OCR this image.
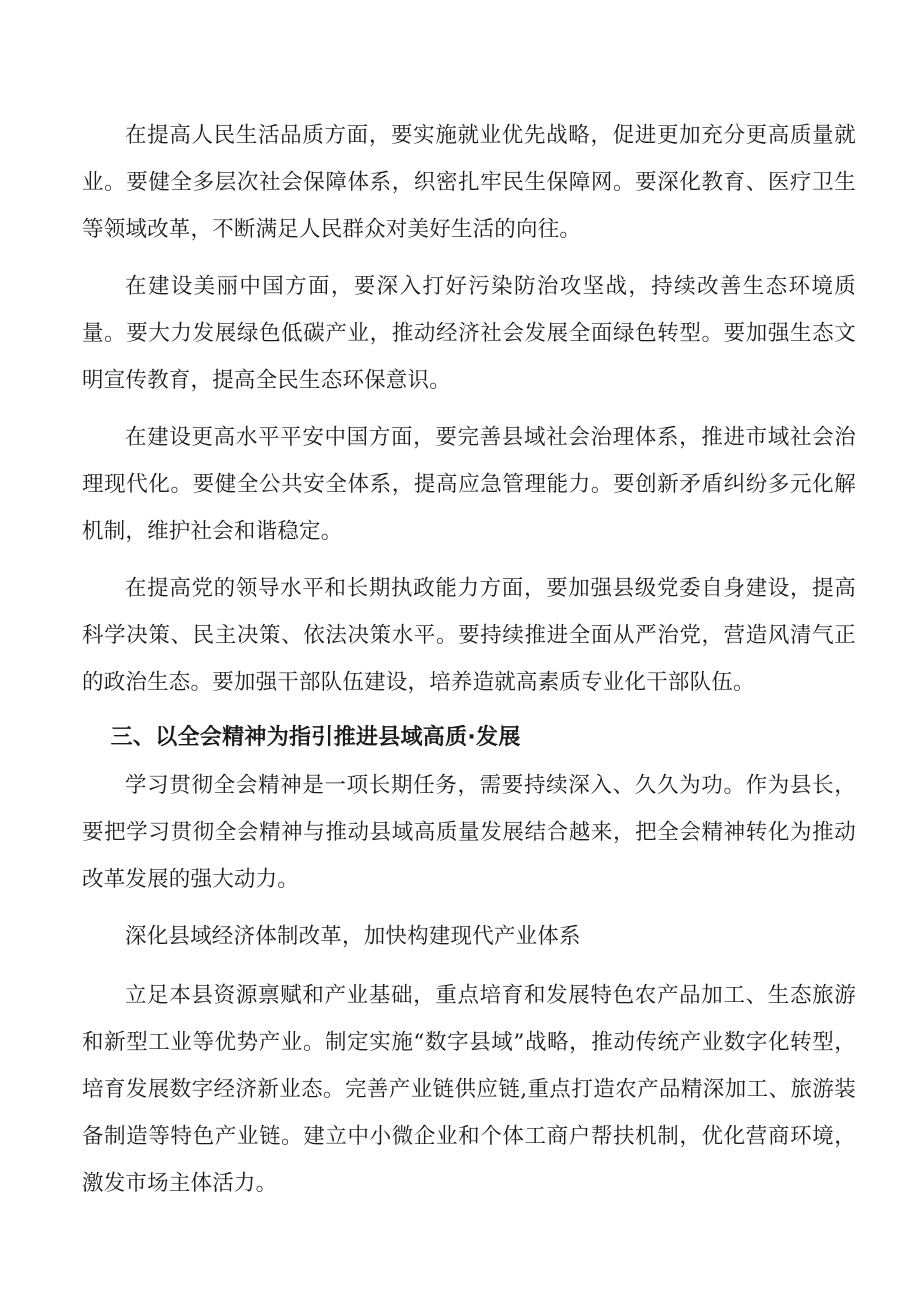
在提高人民生活品质方面，要实施就业优先战略，促进更加充分更高质量就业。要健全多层次社会保障体系，织密扎牢民生保障网。要深化教育、医疗卫生等领域改革，不断满足人民群众对美好生活的向往。

在建设美丽中国方面，要深入打好污染防治攻坚战，持续改善生态环境质量。要大力发展绿色低碳产业，推动经济社会发展全面绿色转型。要加强生态文明宣传教育，提高全民生态环保意识。

在建设更高水平平安中国方面，要完善县域社会治理体系，推进市域社会治理现代化。要健全公共安全体系，提高应急管理能力。要创新矛盾纠纷多元化解机制，维护社会和谐稳定。

在提高党的领导水平和长期执政能力方面，要加强县级党委自身建设，提高科学决策、民主决策、依法决策水平。要持续推进全面从严治党，营造风清气正的政治生态。要加强干部队伍建设，培养造就高素质专业化干部队伍。

三、以全会精神为指引推进县域高质·发展

学习贯彻全会精神是一项长期任务，需要持续深入、久久为功。作为县长，要把学习贯彻全会精神与推动县域高质量发展结合越来，把全会精神转化为推动改革发展的强大动力。

深化县域经济体制改革，加快构建现代产业体系

立足本县资源禀赋和产业基础，重点培育和发展特色农产品加工、生态旅游和新型工业等优势产业。制定实施“数字县域”战略，推动传统产业数字化转型，培育发展数字经济新业态。完善产业链供应链,重点打造农产品精深加工、旅游装备制造等特色产业链。建立中小微企业和个体工商户帮扶机制，优化营商环境，激发市场主体活力。
